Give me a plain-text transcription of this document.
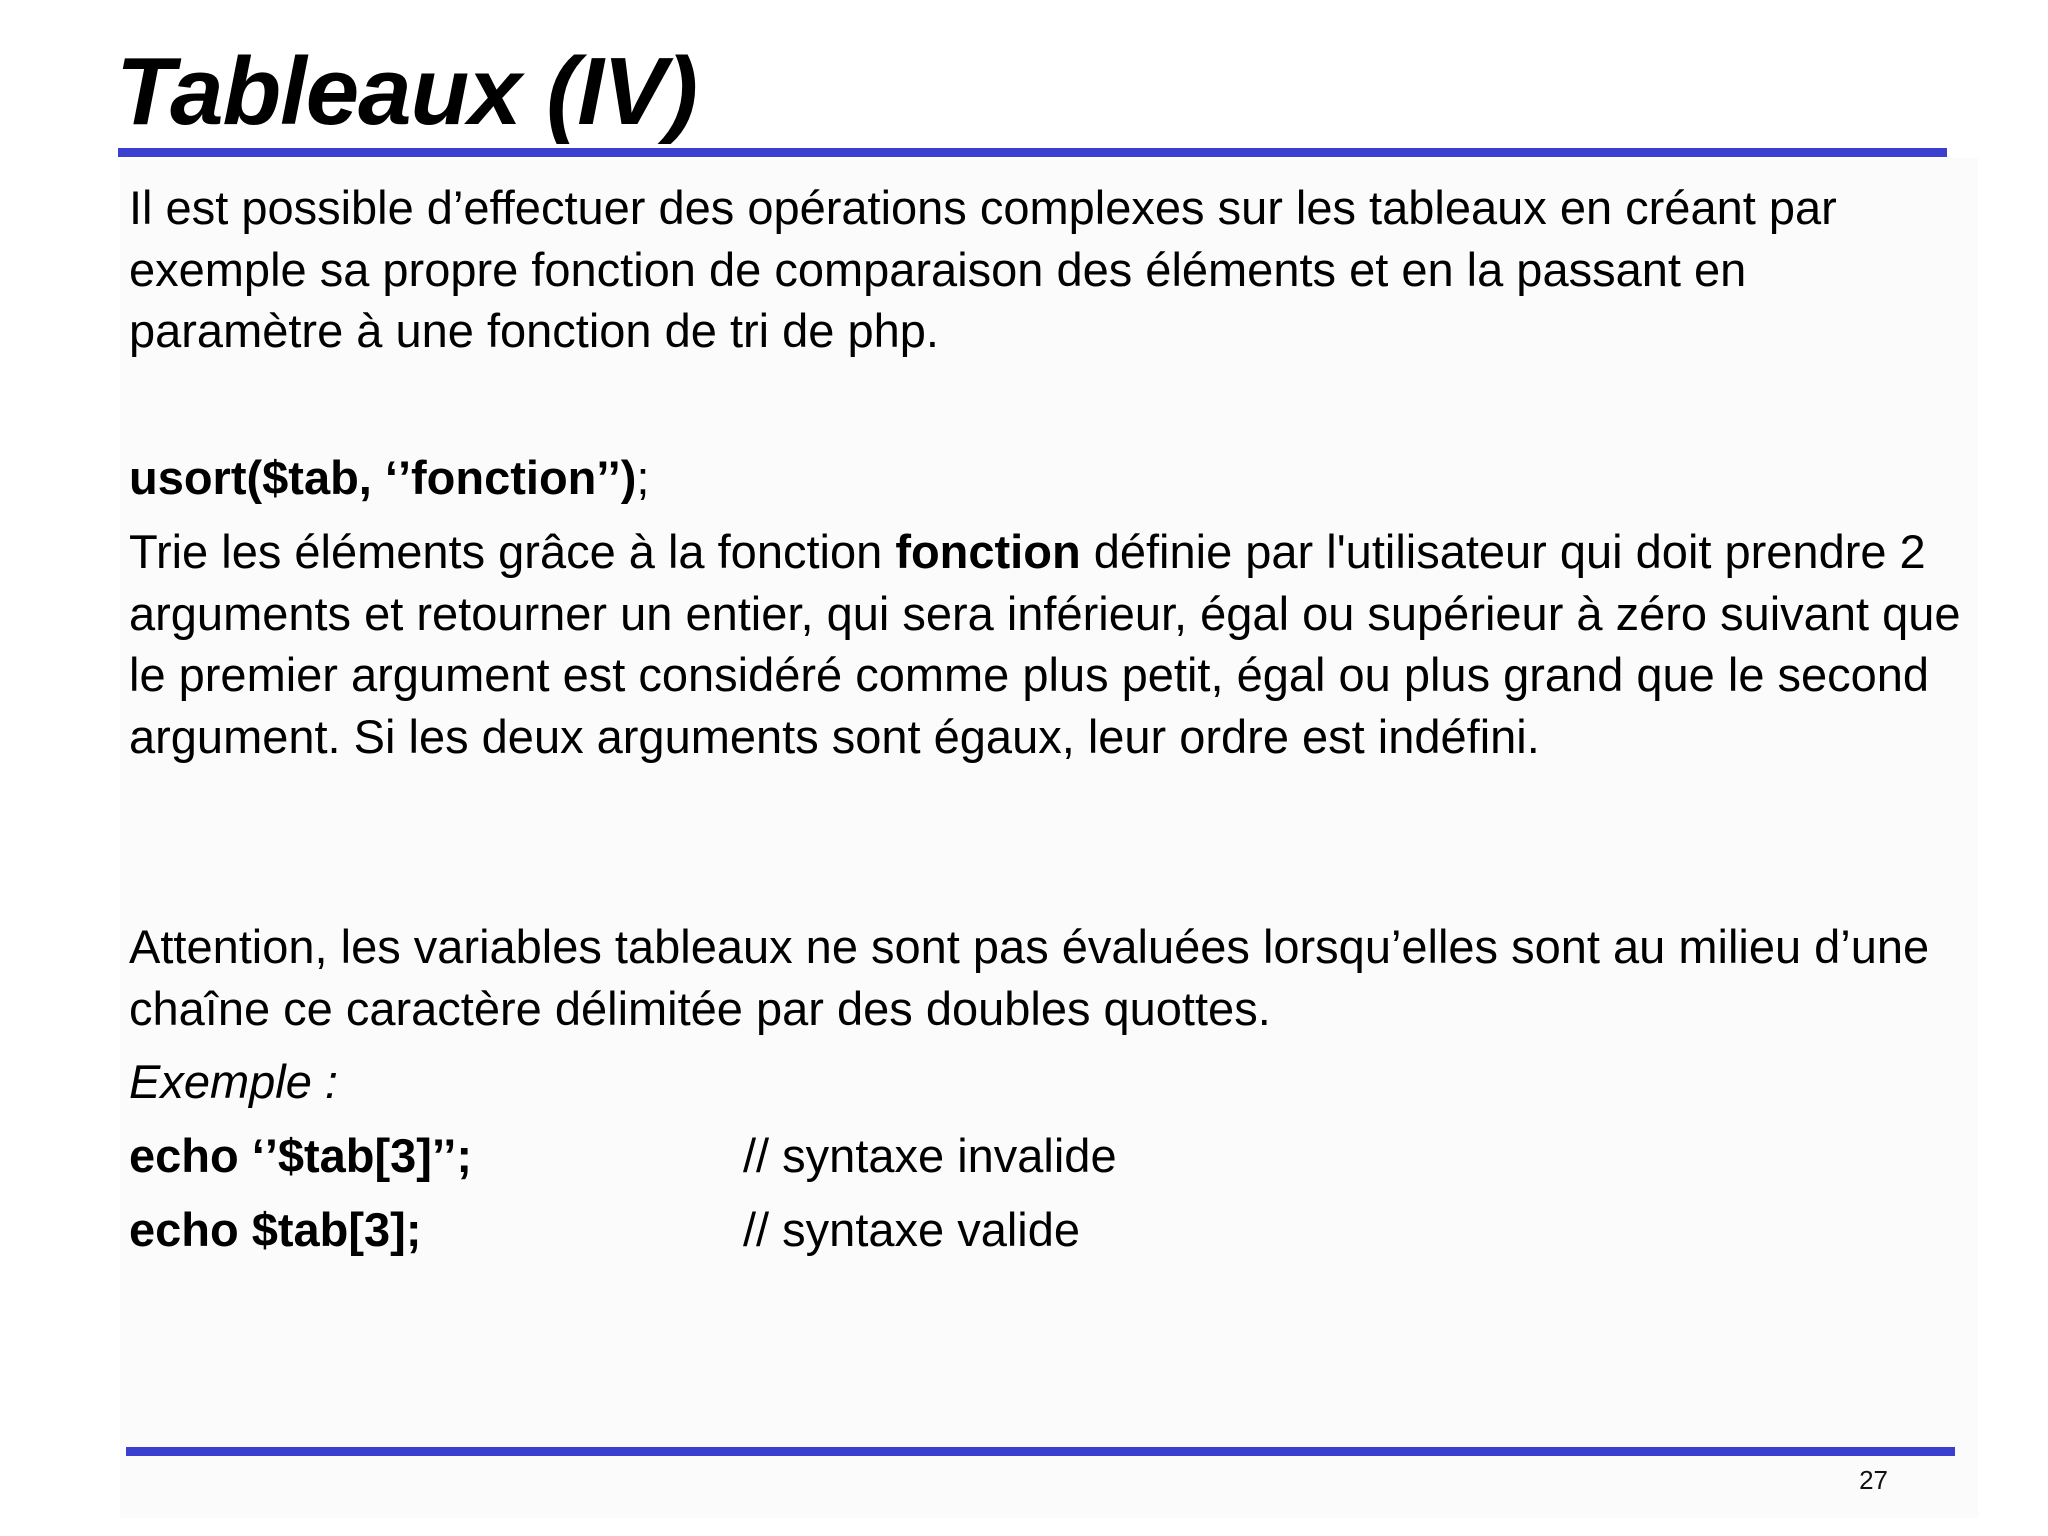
Tableaux (IV)

Il est possible d’effectuer des opérations complexes sur les tableaux en créant par exemple sa propre fonction de comparaison des éléments et en la passant en paramètre à une fonction de tri de php.

usort($tab, ‘’fonction’’);

Trie les éléments grâce à la fonction fonction définie par l'utilisateur qui doit prendre 2 arguments et retourner un entier, qui sera inférieur, égal ou supérieur à zéro suivant que le premier argument est considéré comme plus petit, égal ou plus grand que le second argument. Si les deux arguments sont égaux, leur ordre est indéfini.

Attention, les variables tableaux ne sont pas évaluées lorsqu’elles sont au milieu d’une chaîne ce caractère délimitée par des doubles quottes.

Exemple :

echo ‘’$tab[3]’’;	// syntaxe invalide
echo $tab[3];	// syntaxe valide
27
